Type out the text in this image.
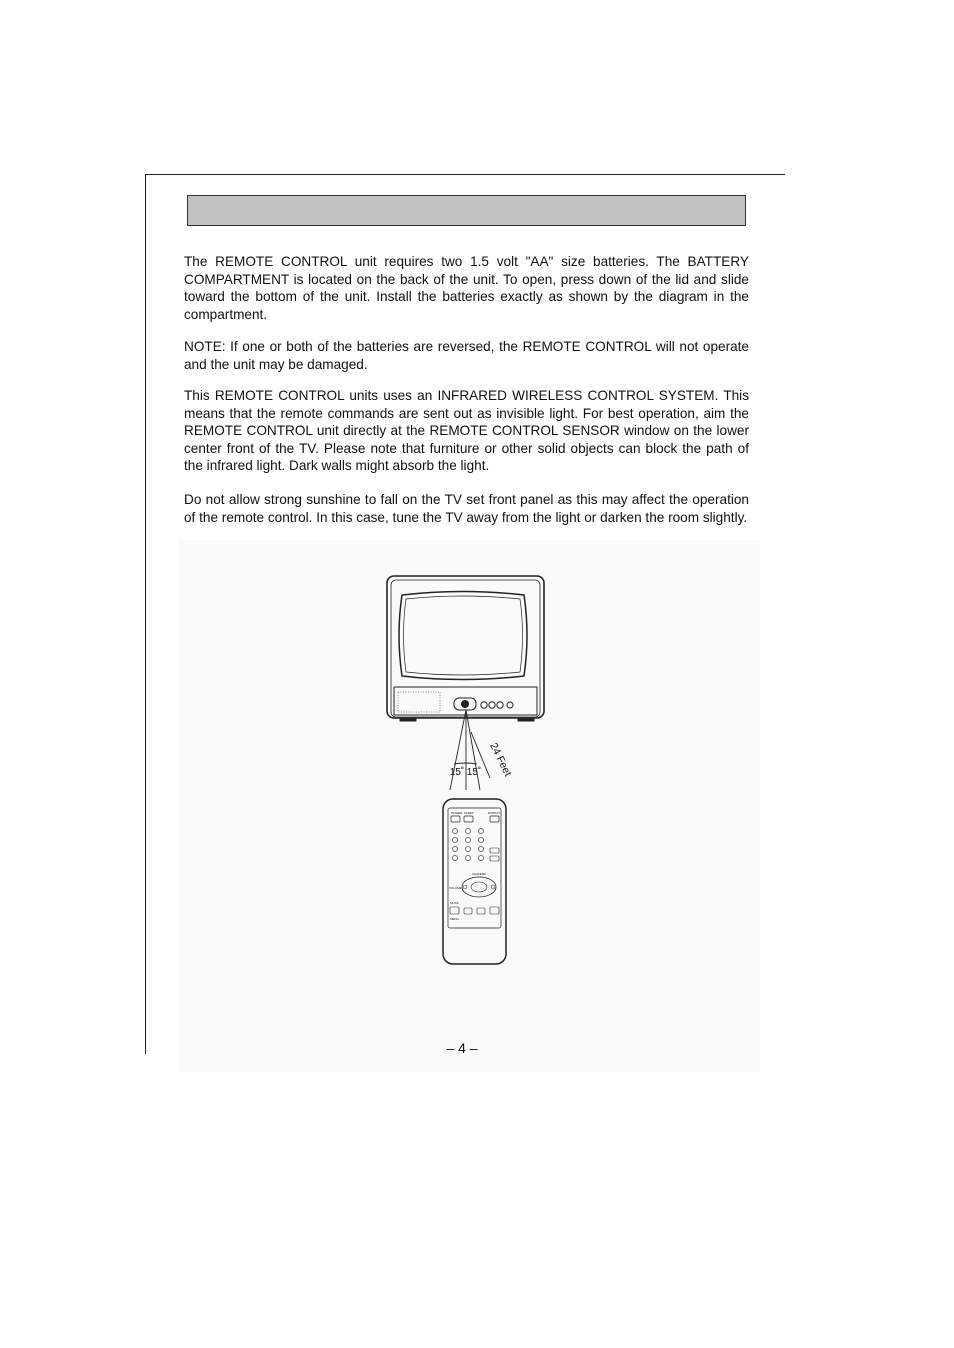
The REMOTE CONTROL unit requires two 1.5 volt "AA" size batteries. The BATTERY COMPARTMENT is located on the back of the unit. To open, press down of the lid and slide toward the bottom of the unit. Install the batteries exactly as shown by the diagram in the compartment.

NOTE: If one or both of the batteries are reversed, the REMOTE CONTROL will not operate and the unit may be damaged.

This REMOTE CONTROL units uses an INFRARED WIRELESS CONTROL SYSTEM. This means that the remote commands are sent out as invisible light. For best operation, aim the REMOTE CONTROL unit directly at the REMOTE CONTROL SENSOR window on the lower center front of the TV. Please note that furniture or other solid objects can block the path of the infrared light. Dark walls might absorb the light.

Do not allow strong sunshine to fall on the TV set front panel as this may affect the operation of the remote control. In this case, tune the TV away from the light or darken the room slightly.

15˚ 15˚ 24 Feet
POWER SLEEP	DISPLAY
CHANNEL
VOLUME
MUTE
MENU
– 4 –
